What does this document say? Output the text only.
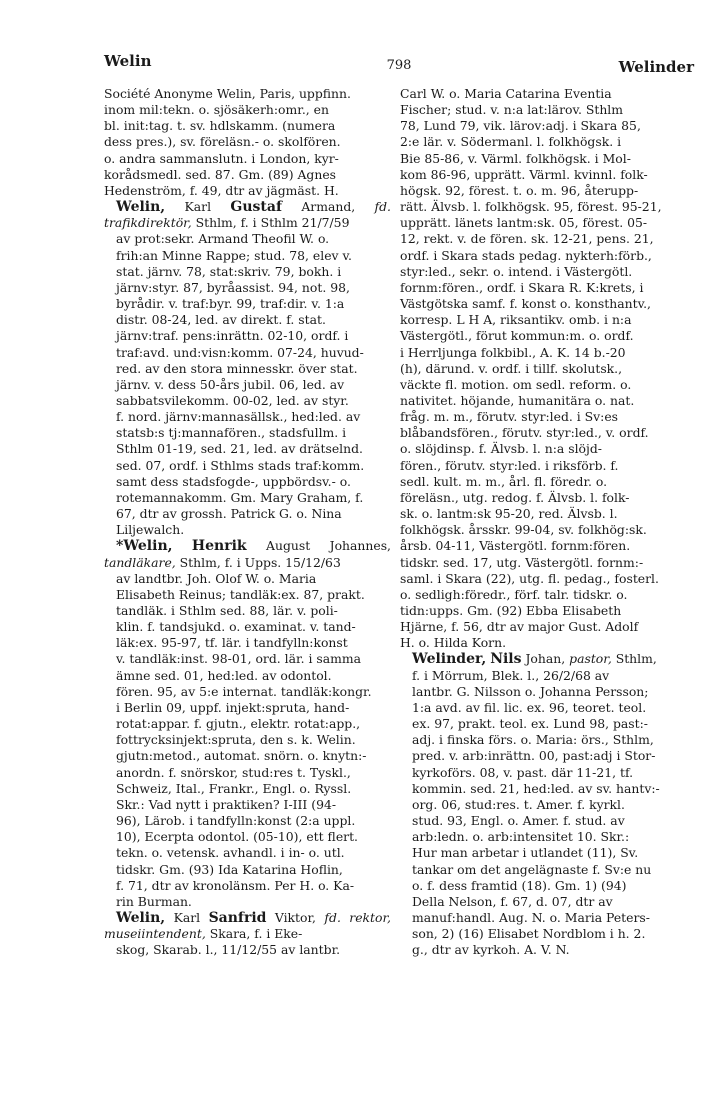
Welin	798	Welinder
Société Anonyme Welin, Paris, uppfinn.
inom mil:tekn. o. sjösäkerh:omr., en
bl. init:tag. t. sv. hdlskamm. (numera
dess pres.), sv. föreläsn.- o. skolfören.
o. andra sammanslutn. i London, kyr-
korådsmedl. sed. 87. Gm. (89) Agnes
Hedenström, f. 49, dtr av jägmäst. H.
Welin, Karl Gustaf Armand, fd. trafikdirektör, Sthlm, f. i Sthlm 21/7/59
av prot:sekr. Armand Theofil W. o.
frih:an Minne Rappe; stud. 78, elev v.
stat. järnv. 78, stat:skriv. 79, bokh. i
järnv:styr. 87, byråassist. 94, not. 98,
byrådir. v. traf:byr. 99, traf:dir. v. 1:a
distr. 08-24, led. av direkt. f. stat.
järnv:traf. pens:inrättn. 02-10, ordf. i
traf:avd. und:visn:komm. 07-24, huvud-
red. av den stora minnesskr. över stat.
järnv. v. dess 50-års jubil. 06, led. av
sabbatsvilekomm. 00-02, led. av styr.
f. nord. järnv:mannasällsk., hed:led. av
statsb:s tj:mannafören., stadsfullm. i
Sthlm 01-19, sed. 21, led. av drätselnd.
sed. 07, ordf. i Sthlms stads traf:komm.
samt dess stadsfogde-, uppbördsv.- o.
rotemannakomm. Gm. Mary Graham, f.
67, dtr av grossh. Patrick G. o. Nina
Liljewalch.
*Welin, Henrik August Johannes, tandläkare, Sthlm, f. i Upps. 15/12/63
av landtbr. Joh. Olof W. o. Maria
Elisabeth Reinus; tandläk:ex. 87, prakt.
tandläk. i Sthlm sed. 88, lär. v. poli-
klin. f. tandsjukd. o. examinat. v. tand-
läk:ex. 95-97, tf. lär. i tandfylln:konst
v. tandläk:inst. 98-01, ord. lär. i samma
ämne sed. 01, hed:led. av odontol.
fören. 95, av 5:e internat. tandläk:kongr.
i Berlin 09, uppf. injekt:spruta, hand-
rotat:appar. f. gjutn., elektr. rotat:app.,
fottrycksinjekt:spruta, den s. k. Welin.
gjutn:metod., automat. snörn. o. knytn:-
anordn. f. snörskor, stud:res t. Tyskl.,
Schweiz, Ital., Frankr., Engl. o. Ryssl.
Skr.: Vad nytt i praktiken? I-III (94-
96), Lärob. i tandfylln:konst (2:a uppl.
10), Ecerpta odontol. (05-10), ett flert.
tekn. o. vetensk. avhandl. i in- o. utl.
tidskr. Gm. (93) Ida Katarina Hoflin,
f. 71, dtr av kronolänsm. Per H. o. Ka-
rin Burman.
Welin, Karl Sanfrid Viktor, fd. rektor, museiintendent, Skara, f. i Eke-
skog, Skarab. l., 11/12/55 av lantbr.
Carl W. o. Maria Catarina Eventia
Fischer; stud. v. n:a lat:lärov. Sthlm
78, Lund 79, vik. lärov:adj. i Skara 85,
2:e lär. v. Södermanl. l. folkhögsk. i
Bie 85-86, v. Värml. folkhögsk. i Mol-
kom 86-96, upprätt. Värml. kvinnl. folk-
högsk. 92, förest. t. o. m. 96, återupp-
rätt. Älvsb. l. folkhögsk. 95, förest. 95-21,
upprätt. länets lantm:sk. 05, förest. 05-
12, rekt. v. de fören. sk. 12-21, pens. 21,
ordf. i Skara stads pedag. nykterh:förb.,
styr:led., sekr. o. intend. i Västergötl.
fornm:fören., ordf. i Skara R. K:krets, i
Västgötska samf. f. konst o. konsthantv.,
korresp. L H A, riksantikv. omb. i n:a
Västergötl., förut kommun:m. o. ordf.
i Herrljunga folkbibl., A. K. 14 b.-20
(h), därund. v. ordf. i tillf. skolutsk.,
väckte fl. motion. om sedl. reform. o.
nativitet. höjande, humanitära o. nat.
fråg. m. m., förutv. styr:led. i Sv:es
blåbandsfören., förutv. styr:led., v. ordf.
o. slöjdinsp. f. Älvsb. l. n:a slöjd-
fören., förutv. styr:led. i riksförb. f.
sedl. kult. m. m., årl. fl. föredr. o.
föreläsn., utg. redog. f. Älvsb. l. folk-
sk. o. lantm:sk 95-20, red. Älvsb. l.
folkhögsk. årsskr. 99-04, sv. folkhög:sk.
årsb. 04-11, Västergötl. fornm:fören.
tidskr. sed. 17, utg. Västergötl. fornm:-
saml. i Skara (22), utg. fl. pedag., fosterl.
o. sedligh:föredr., förf. talr. tidskr. o.
tidn:upps. Gm. (92) Ebba Elisabeth
Hjärne, f. 56, dtr av major Gust. Adolf
H. o. Hilda Korn.
Welinder, Nils Johan, pastor, Sthlm,
f. i Mörrum, Blek. l., 26/2/68 av
lantbr. G. Nilsson o. Johanna Persson;
1:a avd. av fil. lic. ex. 96, teoret. teol.
ex. 97, prakt. teol. ex. Lund 98, past:-
adj. i finska förs. o. Maria: örs., Sthlm,
pred. v. arb:inrättn. 00, past:adj i Stor-
kyrkoförs. 08, v. past. där 11-21, tf.
kommin. sed. 21, hed:led. av sv. hantv:-
org. 06, stud:res. t. Amer. f. kyrkl.
stud. 93, Engl. o. Amer. f. stud. av
arb:ledn. o. arb:intensitet 10. Skr.:
Hur man arbetar i utlandet (11), Sv.
tankar om det angelägnaste f. Sv:e nu
o. f. dess framtid (18). Gm. 1) (94)
Della Nelson, f. 67, d. 07, dtr av
manuf:handl. Aug. N. o. Maria Peters-
son, 2) (16) Elisabet Nordblom i h. 2.
g., dtr av kyrkoh. A. V. N.
